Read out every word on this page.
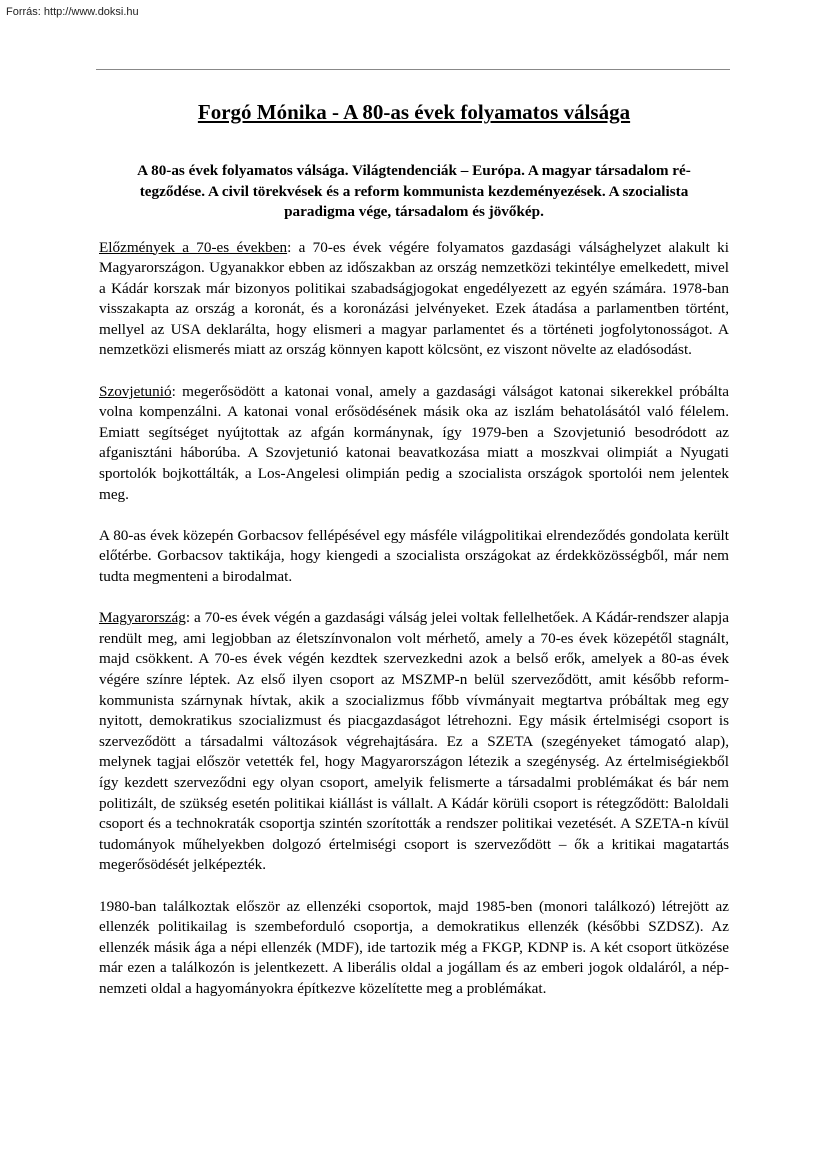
Forrás: http://www.doksi.hu
Forgó Mónika - A 80-as évek folyamatos válsága
A 80-as évek folyamatos válsága. Világtendenciák – Európa. A magyar társadalom rétegződése. A civil törekvések és a reform kommunista kezdeményezések. A szocialista paradigma vége, társadalom és jövőkép.

Előzmények a 70-es években: a 70-es évek végére folyamatos gazdasági válsághelyzet alakult ki Magyarországon. Ugyanakkor ebben az időszakban az ország nemzetközi tekintélye emelkedett, mivel a Kádár korszak már bizonyos politikai szabadságjogokat engedélyezett az egyén számára. 1978-ban visszakapta az ország a koronát, és a koronázási jelvényeket. Ezek átadása a parlamentben történt, mellyel az USA deklarálta, hogy elismeri a magyar parlamentet és a történeti jogfolytonosságot. A nemzetközi elismerés miatt az ország könnyen kapott kölcsönt, ez viszont növelte az eladósodást.

Szovjetunió: megerősödött a katonai vonal, amely a gazdasági válságot katonai sikerekkel próbálta volna kompenzálni. A katonai vonal erősödésének másik oka az iszlám behatolásától való félelem. Emiatt segítséget nyújtottak az afgán kormánynak, így 1979-ben a Szovjetunió besodródott az afganisztáni háborúba. A Szovjetunió katonai beavatkozása miatt a moszkvai olimpiát a Nyugati sportolók bojkottálták, a Los-Angelesi olimpián pedig a szocialista országok sportolói nem jelentek meg.

A 80-as évek közepén Gorbacsov fellépésével egy másféle világpolitikai elrendeződés gondolata került előtérbe. Gorbacsov taktikája, hogy kiengedi a szocialista országokat az érdekközösségből, már nem tudta megmenteni a birodalmat.

Magyarország: a 70-es évek végén a gazdasági válság jelei voltak fellelhetőek. A Kádár-rendszer alapja rendült meg, ami legjobban az életszínvonalon volt mérhető, amely a 70-es évek közepétől stagnált, majd csökkent. A 70-es évek végén kezdtek szervezkedni azok a belső erők, amelyek a 80-as évek végére színre léptek. Az első ilyen csoport az MSZMP-n belül szerveződött, amit később reform-kommunista szárnynak hívtak, akik a szocializmus főbb vívmányait megtartva próbáltak meg egy nyitott, demokratikus szocializmust és piacgazdaságot létrehozni. Egy másik értelmiségi csoport is szerveződött a társadalmi változások végrehajtására. Ez a SZETA (szegényeket támogató alap), melynek tagjai először vetették fel, hogy Magyarországon létezik a szegénység. Az értelmiségiekből így kezdett szerveződni egy olyan csoport, amelyik felismerte a társadalmi problémákat és bár nem politizált, de szükség esetén politikai kiállást is vállalt. A Kádár körüli csoport is rétegződött: Baloldali csoport és a technokraták csoportja szintén szorították a rendszer politikai vezetését. A SZETA-n kívül tudományok műhelyekben dolgozó értelmiségi csoport is szerveződött – ők a kritikai magatartás megerősödését jelképezték.

1980-ban találkoztak először az ellenzéki csoportok, majd 1985-ben (monori találkozó) létrejött az ellenzék politikailag is szembeforduló csoportja, a demokratikus ellenzék (későbbi SZDSZ). Az ellenzék másik ága a népi ellenzék (MDF), ide tartozik még a FKGP, KDNP is. A két csoport ütközése már ezen a találkozón is jelentkezett. A liberális oldal a jogállam és az emberi jogok oldaláról, a nép-nemzeti oldal a hagyományokra építkezve közelítette meg a problémákat.
